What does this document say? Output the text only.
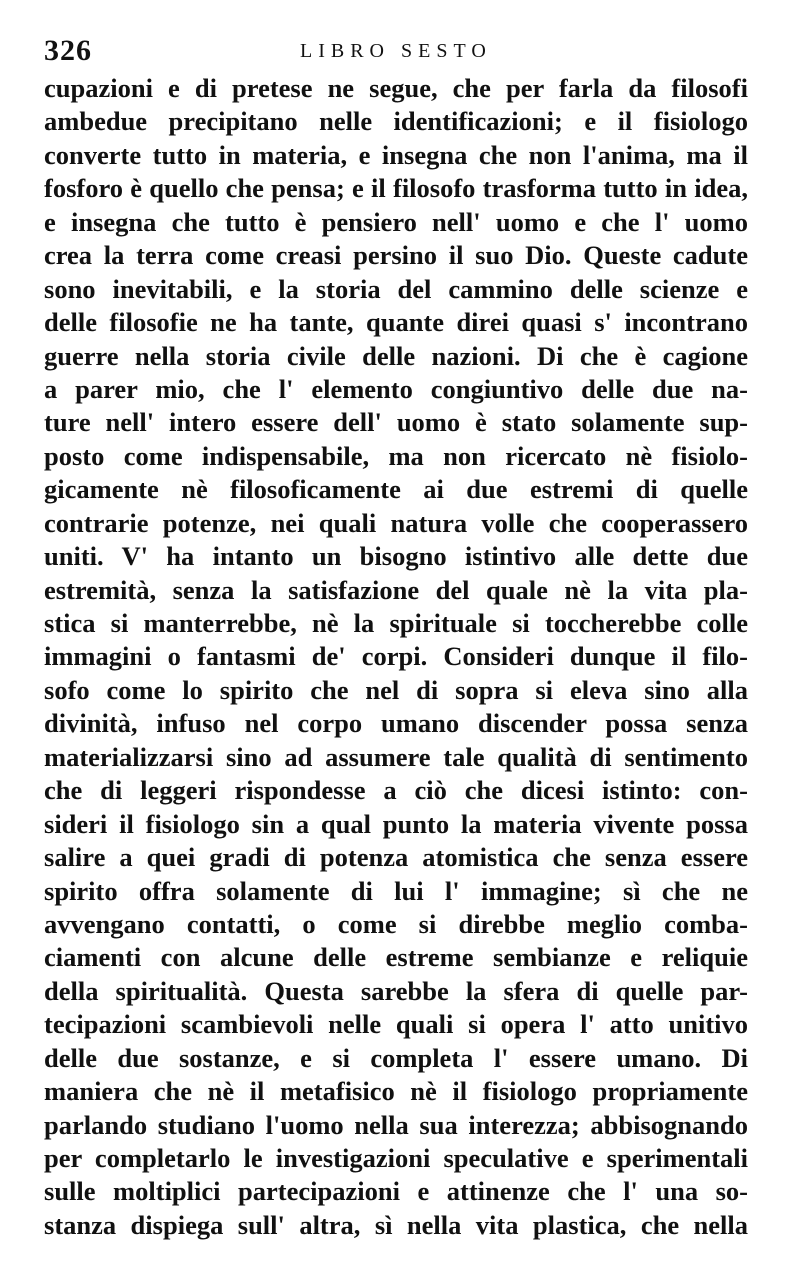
326	LIBRO SESTO
cupazioni e di pretese ne segue, che per farla da filosofi
ambedue precipitano nelle identificazioni; e il fisiologo
converte tutto in materia, e insegna che non l'anima, ma il
fosforo è quello che pensa; e il filosofo trasforma tutto in idea,
e insegna che tutto è pensiero nell' uomo e che l' uomo
crea la terra come creasi persino il suo Dio. Queste cadute
sono inevitabili, e la storia del cammino delle scienze e
delle filosofie ne ha tante, quante direi quasi s' incontrano
guerre nella storia civile delle nazioni. Di che è cagione
a parer mio, che l' elemento congiuntivo delle due na-
ture nell' intero essere dell' uomo è stato solamente sup-
posto come indispensabile, ma non ricercato nè fisiolo-
gicamente nè filosoficamente ai due estremi di quelle
contrarie potenze, nei quali natura volle che cooperassero
uniti. V' ha intanto un bisogno istintivo alle dette due
estremità, senza la satisfazione del quale nè la vita pla-
stica si manterrebbe, nè la spirituale si toccherebbe colle
immagini o fantasmi de' corpi. Consideri dunque il filo-
sofo come lo spirito che nel di sopra si eleva sino alla
divinità, infuso nel corpo umano discender possa senza
materializzarsi sino ad assumere tale qualità di sentimento
che di leggeri rispondesse a ciò che dicesi istinto: con-
sideri il fisiologo sin a qual punto la materia vivente possa
salire a quei gradi di potenza atomistica che senza essere
spirito offra solamente di lui l' immagine; sì che ne
avvengano contatti, o come si direbbe meglio comba-
ciamenti con alcune delle estreme sembianze e reliquie
della spiritualità. Questa sarebbe la sfera di quelle par-
tecipazioni scambievoli nelle quali si opera l' atto unitivo
delle due sostanze, e si completa l' essere umano. Di
maniera che nè il metafisico nè il fisiologo propriamente
parlando studiano l'uomo nella sua interezza; abbisognando
per completarlo le investigazioni speculative e sperimentali
sulle moltiplici partecipazioni e attinenze che l' una so-
stanza dispiega sull' altra, sì nella vita plastica, che nella
